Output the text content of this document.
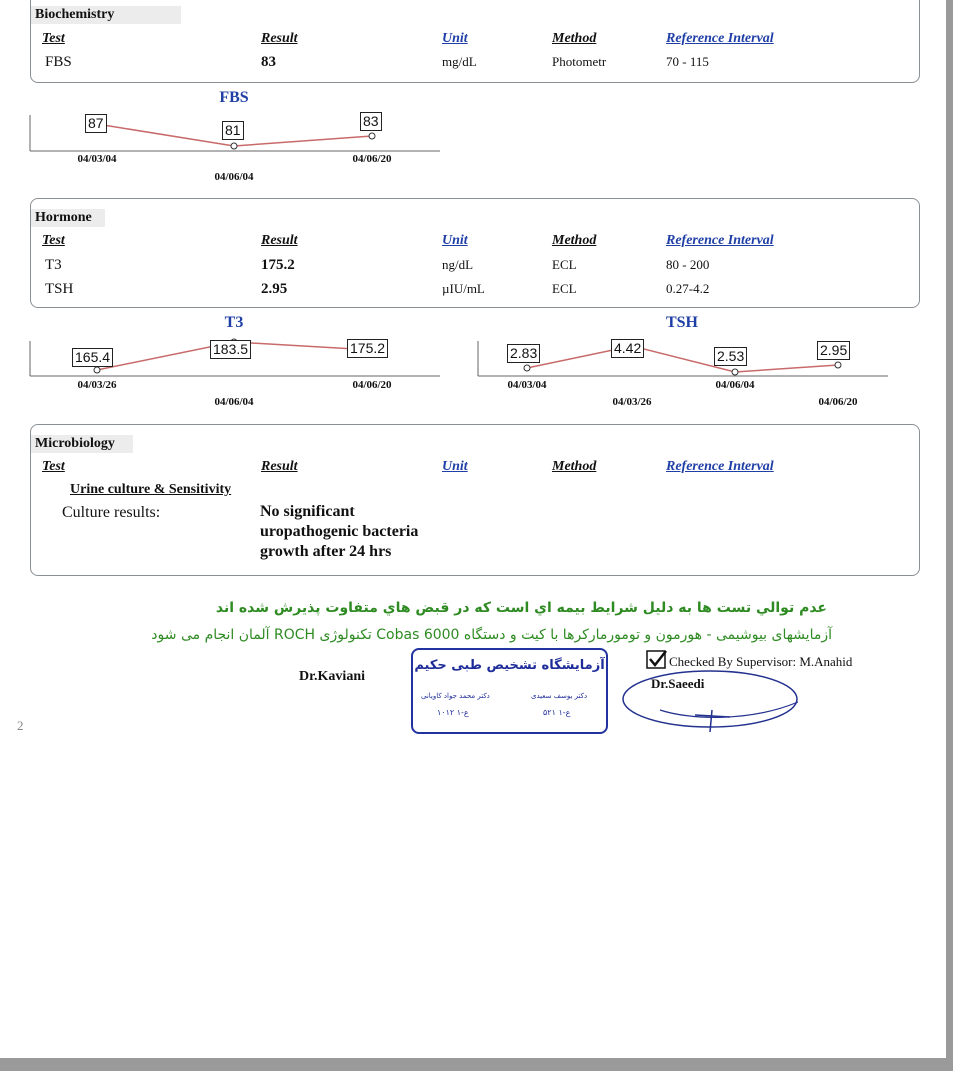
Biochemistry
Test	Result	Unit	Method	Reference Interval
FBS	83	mg/dL	Photometr	70 - 115
FBS
87	81
83
04/03/04
04/06/04
04/06/20
Hormone
Test	Result	Unit	Method	Reference Interval
T3	175.2	ng/dL	ECL	80 - 200
TSH	2.95	µIU/mL	ECL	0.27-4.2
T3	TSH
165.4	183.5	175.2
04/03/26
04/06/04
04/06/20
2.83	4.42	2.53	2.95
04/03/04
04/03/26
04/06/04
04/06/20
Microbiology
Test	Result	Unit	Method	Reference Interval
Urine culture & Sensitivity
Culture results:	No significant
uropathogenic bacteria
growth after 24 hrs
عدم توالي تست ها به دليل شرايط بيمه اي است كه در قبض هاي متفاوت پذيرش شده اند
آزمایشهای بیوشیمی - هورمون و تومورمارکرها با کیت و دستگاه Cobas 6000 تکنولوژی ROCH آلمان انجام می شود
Dr.Kaviani
آزمایشگاه تشخیص طبی حکیم
دکتر محمد جواد کاویانی	دکتر یوسف سعیدی
ع-۱ ۱۰۱۲	ع-۱ ۵۲۱
Checked By Supervisor: M.Anahid
Dr.Saeedi
2
